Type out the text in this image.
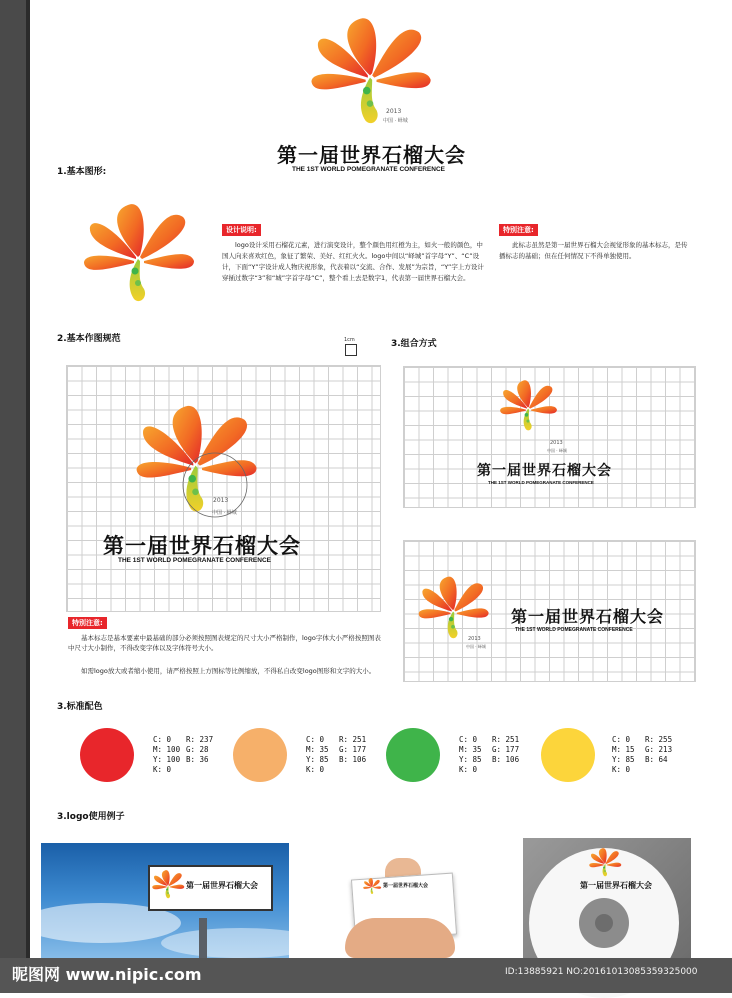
2013
中国 · 峄城
第一届世界石榴大会
THE 1ST WORLD POMEGRANATE CONFERENCE
1.基本图形:
设计说明:
logo设计采用石榴花元素，进行演变设计，整个颜色用红橙为主，如火一般的颜色，中国人向来喜欢红色，象征了繁荣、美好、红红火火。logo中间以“峄城”首字母“Y”、“C”设计，下面“Y”字设计成人物庆祝形象，代表着以“交流、合作、发展”为宗旨，“Y”字上方设计穿插过数字“3”和“城”字首字母“C”，整个看上去是数字1，代表第一届世界石榴大会。
特别注意:
此标志虽然是第一届世界石榴大会视觉形象的基本标志，是传播标志的基础；但在任何情况下不得单独使用。
2.基本作图规范	1cm
2013
中国 · 峄城
第一届世界石榴大会
THE 1ST WORLD POMEGRANATE CONFERENCE
特别注意:
基本标志是基本要素中最基础的部分必须按照图表规定的尺寸大小严格制作，logo字体大小严格按照图表中尺寸大小制作，不得改变字体以及字体符号大小。
如需logo放大或者缩小使用，请严格按照上方图标等比例缩放，不得私自改变logo图形和文字的大小。
3.组合方式
2013
中国 · 峄城
第一届世界石榴大会
THE 1ST WORLD POMEGRANATE CONFERENCE
2013
中国 · 峄城
第一届世界石榴大会
THE 1ST WORLD POMEGRANATE CONFERENCE
3.标准配色
C: 0
M: 100
Y: 100
K: 0
R: 237
G: 28
B: 36
C: 0
M: 35
Y: 85
K: 0
R: 251
G: 177
B: 106
C: 0
M: 35
Y: 85
K: 0
R: 251
G: 177
B: 106
C: 0
M: 15
Y: 85
K: 0
R: 255
G: 213
B: 64
3.logo使用例子
第一届世界石榴大会	第一届世界石榴大会	第一届世界石榴大会
昵图网 www.nipic.com	ID:13885921 NO:20161013085359325000
